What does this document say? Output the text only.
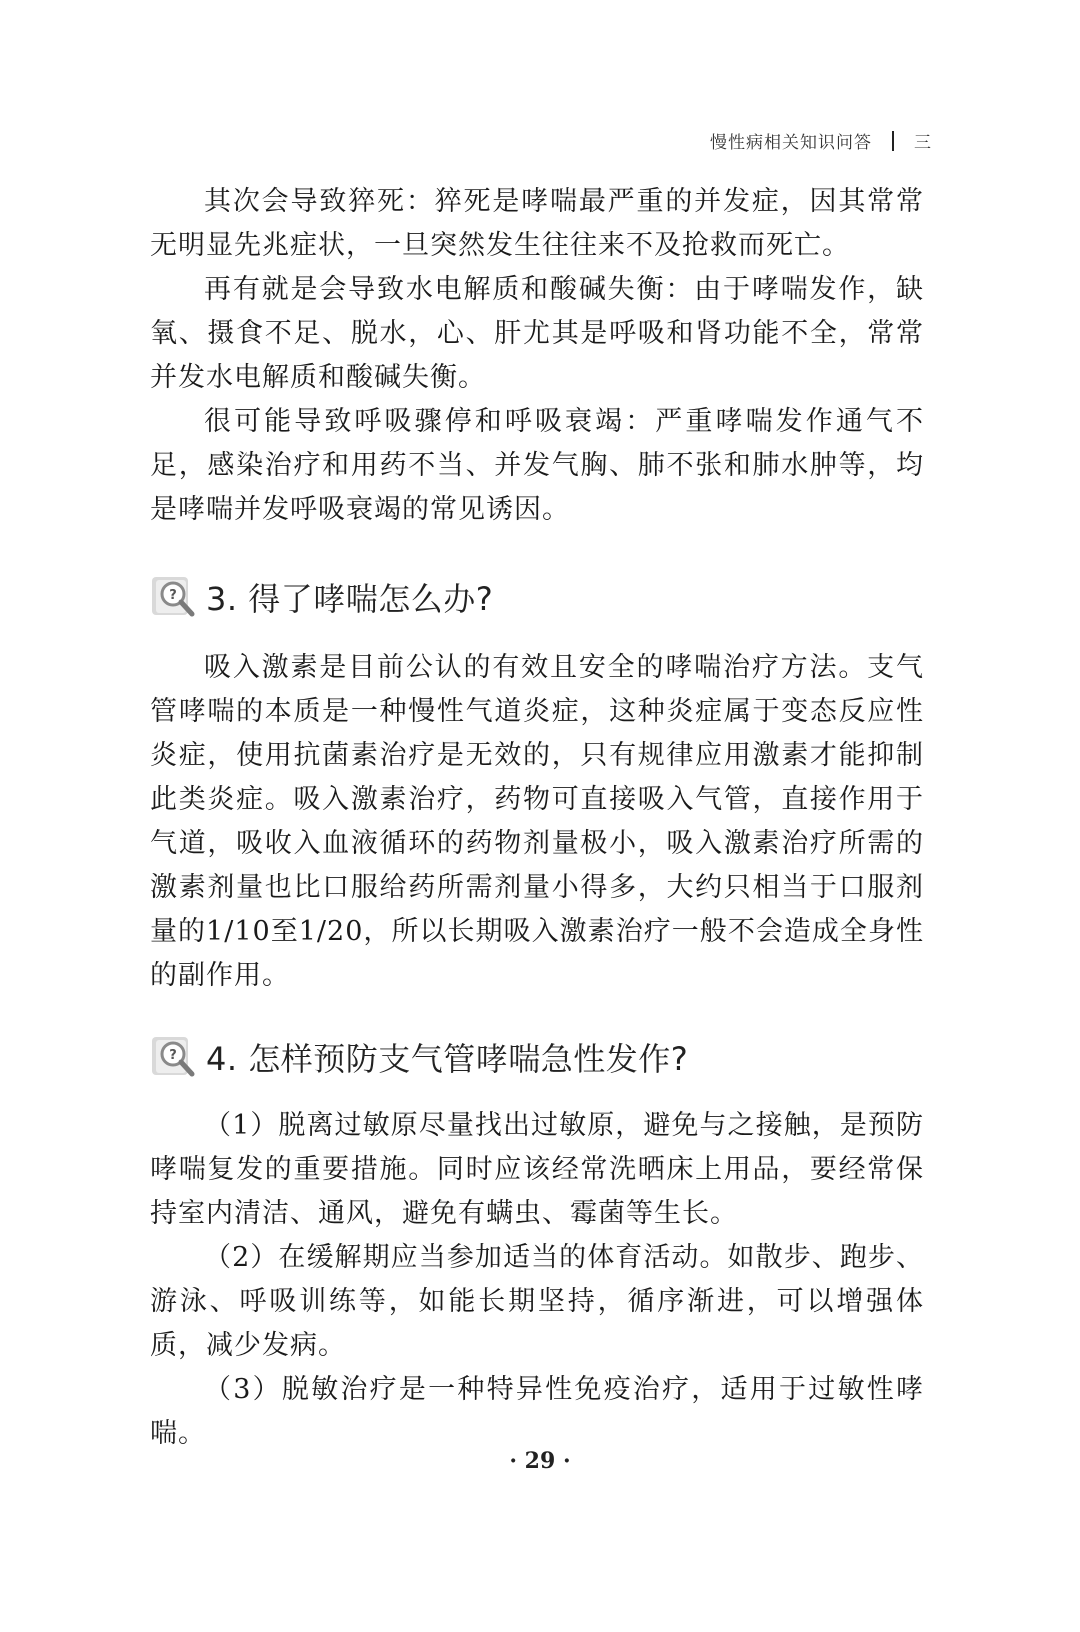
慢性病相关知识问答 三

其次会导致猝死：猝死是哮喘最严重的并发症，因其常常无明显先兆症状，一旦突然发生往往来不及抢救而死亡。

再有就是会导致水电解质和酸碱失衡：由于哮喘发作，缺氧、摄食不足、脱水，心、肝尤其是呼吸和肾功能不全，常常并发水电解质和酸碱失衡。

很可能导致呼吸骤停和呼吸衰竭：严重哮喘发作通气不足，感染治疗和用药不当、并发气胸、肺不张和肺水肿等，均是哮喘并发呼吸衰竭的常见诱因。

? 3. 得了哮喘怎么办?

吸入激素是目前公认的有效且安全的哮喘治疗方法。支气管哮喘的本质是一种慢性气道炎症，这种炎症属于变态反应性炎症，使用抗菌素治疗是无效的，只有规律应用激素才能抑制此类炎症。吸入激素治疗，药物可直接吸入气管，直接作用于气道，吸收入血液循环的药物剂量极小，吸入激素治疗所需的激素剂量也比口服给药所需剂量小得多，大约只相当于口服剂量的1/10至1/20，所以长期吸入激素治疗一般不会造成全身性的副作用。

? 4. 怎样预防支气管哮喘急性发作?

（1）脱离过敏原尽量找出过敏原，避免与之接触，是预防哮喘复发的重要措施。同时应该经常洗晒床上用品，要经常保持室内清洁、通风，避免有螨虫、霉菌等生长。

（2）在缓解期应当参加适当的体育活动。如散步、跑步、游泳、呼吸训练等，如能长期坚持，循序渐进，可以增强体质，减少发病。

（3）脱敏治疗是一种特异性免疫治疗，适用于过敏性哮喘。

· 29 ·
